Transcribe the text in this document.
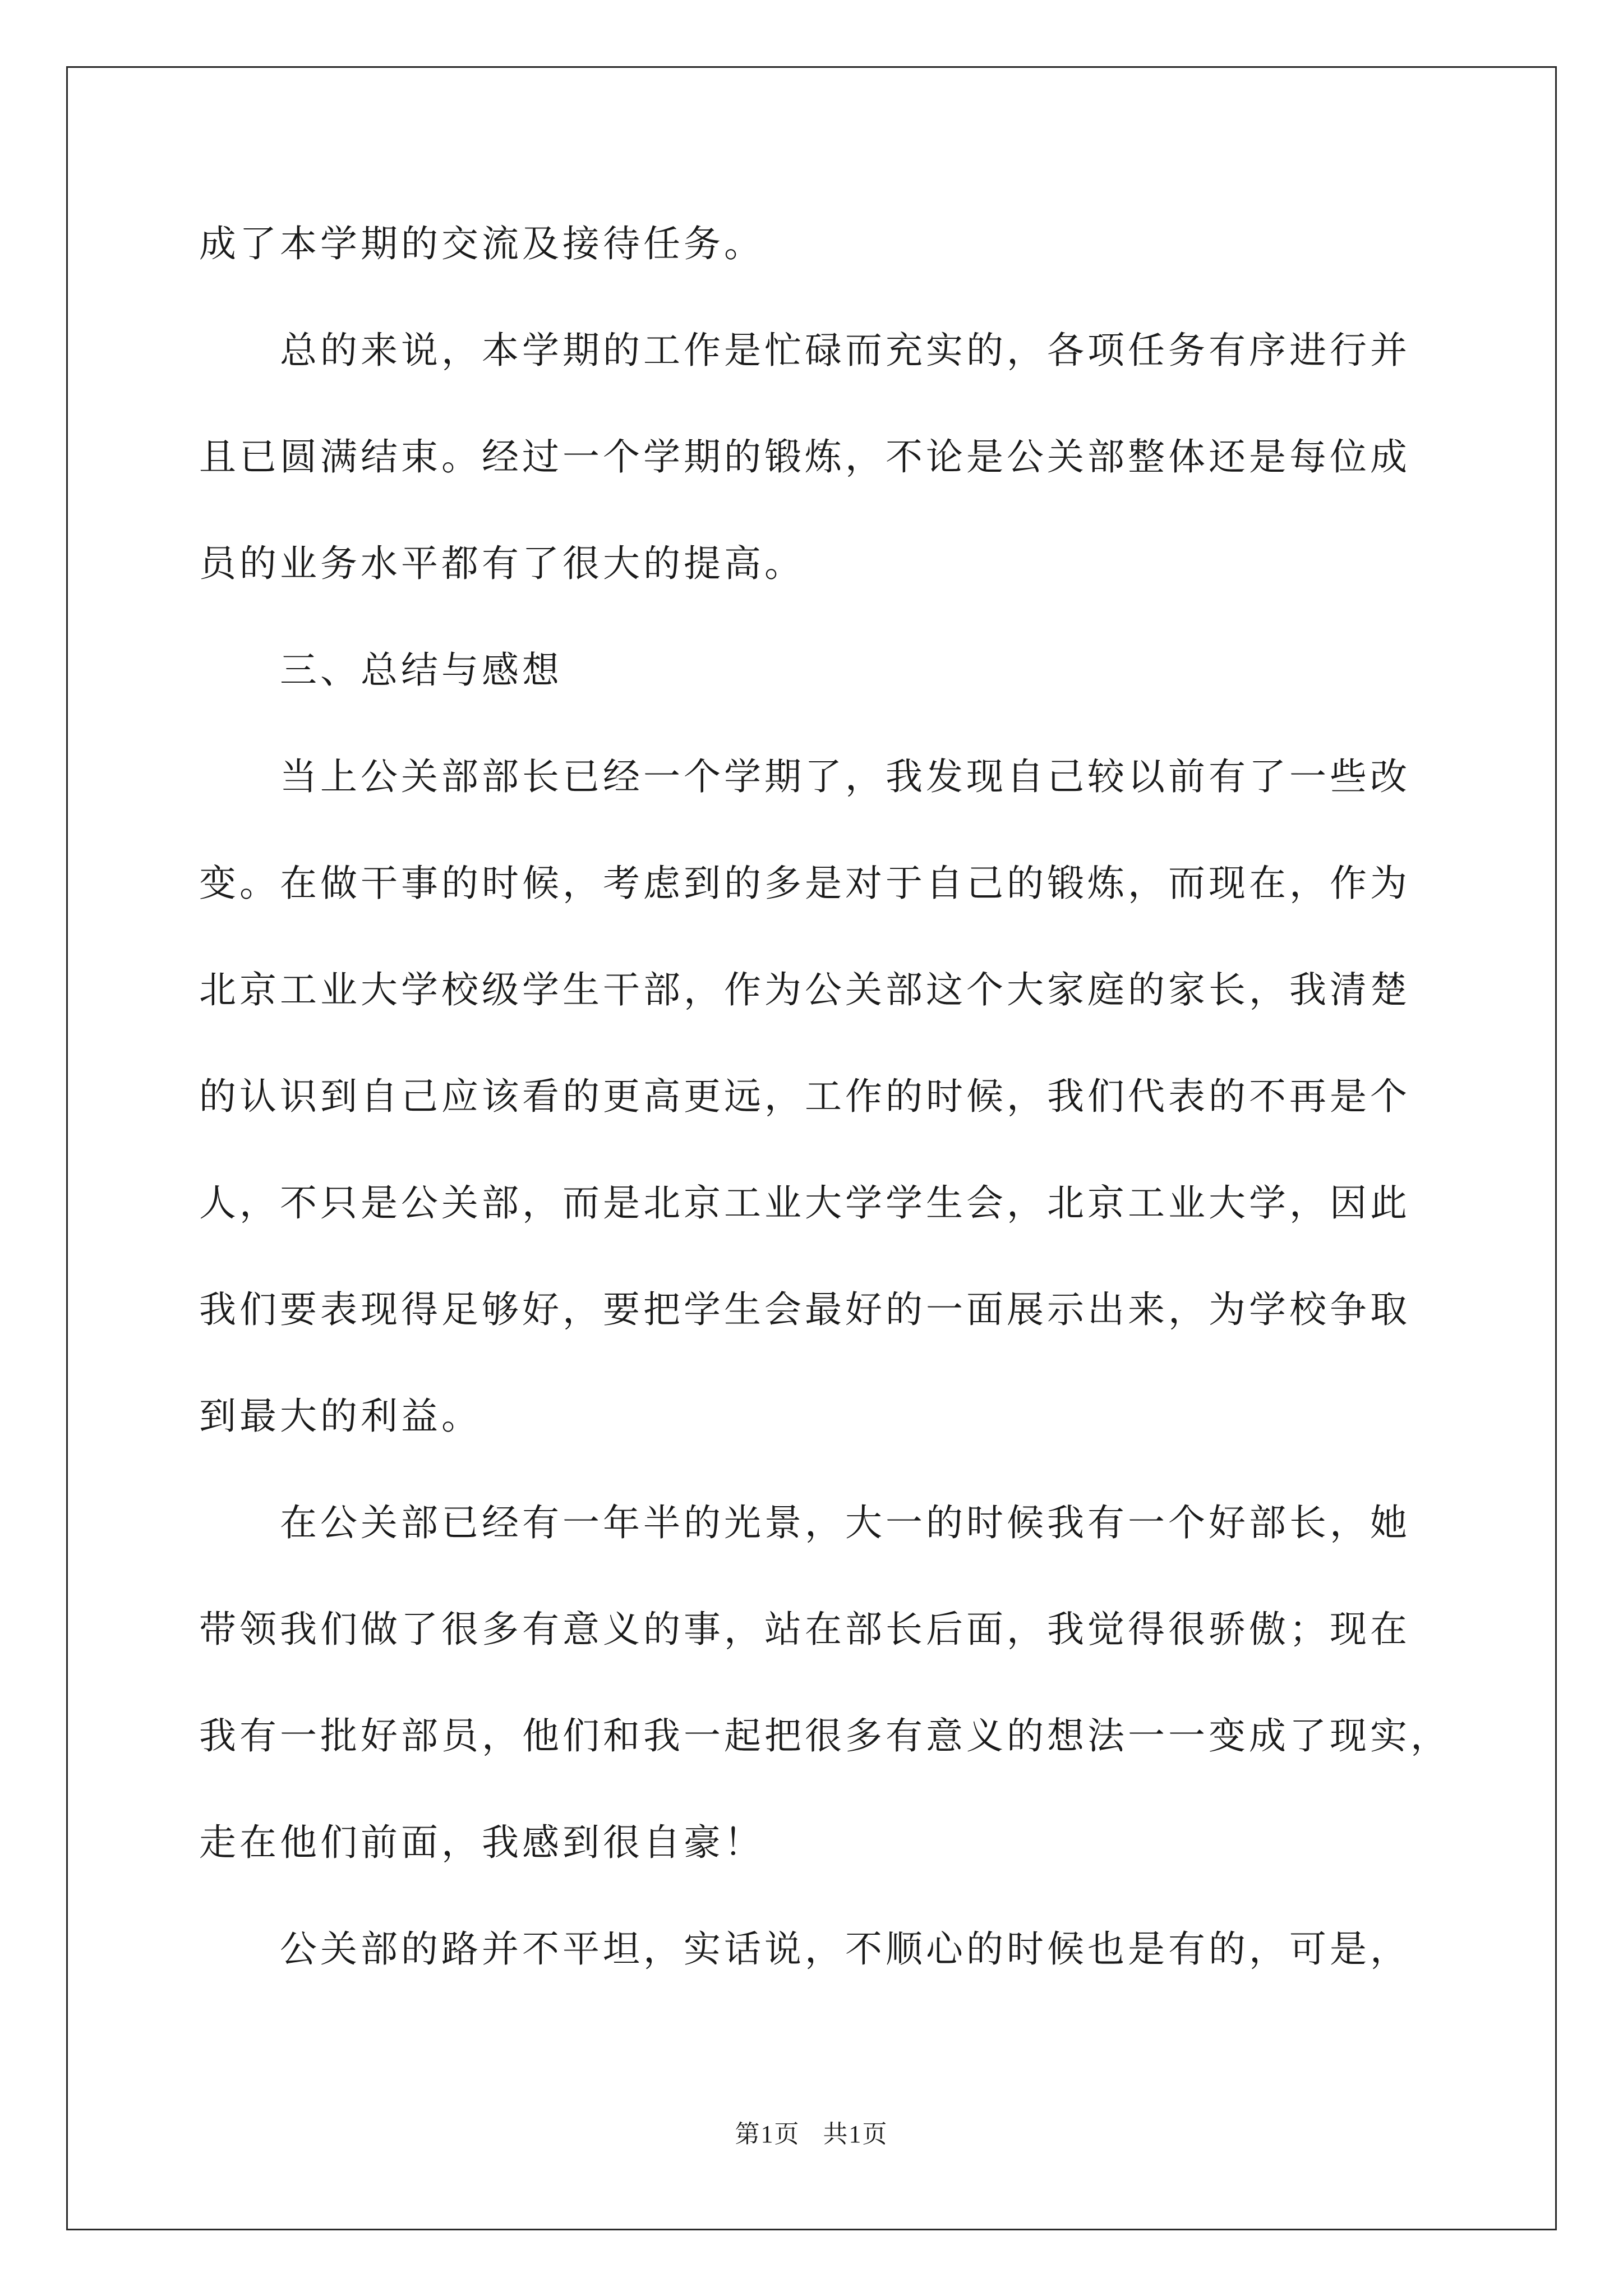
成了本学期的交流及接待任务。
总的来说，本学期的工作是忙碌而充实的，各项任务有序进行并
且已圆满结束。经过一个学期的锻炼，不论是公关部整体还是每位成
员的业务水平都有了很大的提高。
三、总结与感想
当上公关部部长已经一个学期了，我发现自己较以前有了一些改
变。在做干事的时候，考虑到的多是对于自己的锻炼，而现在，作为
北京工业大学校级学生干部，作为公关部这个大家庭的家长，我清楚
的认识到自己应该看的更高更远，工作的时候，我们代表的不再是个
人，不只是公关部，而是北京工业大学学生会，北京工业大学，因此
我们要表现得足够好，要把学生会最好的一面展示出来，为学校争取
到最大的利益。
在公关部已经有一年半的光景，大一的时候我有一个好部长，她
带领我们做了很多有意义的事，站在部长后面，我觉得很骄傲；现在
我有一批好部员，他们和我一起把很多有意义的想法一一变成了现实，
走在他们前面，我感到很自豪！
公关部的路并不平坦，实话说，不顺心的时候也是有的，可是，
第1页 共1页
